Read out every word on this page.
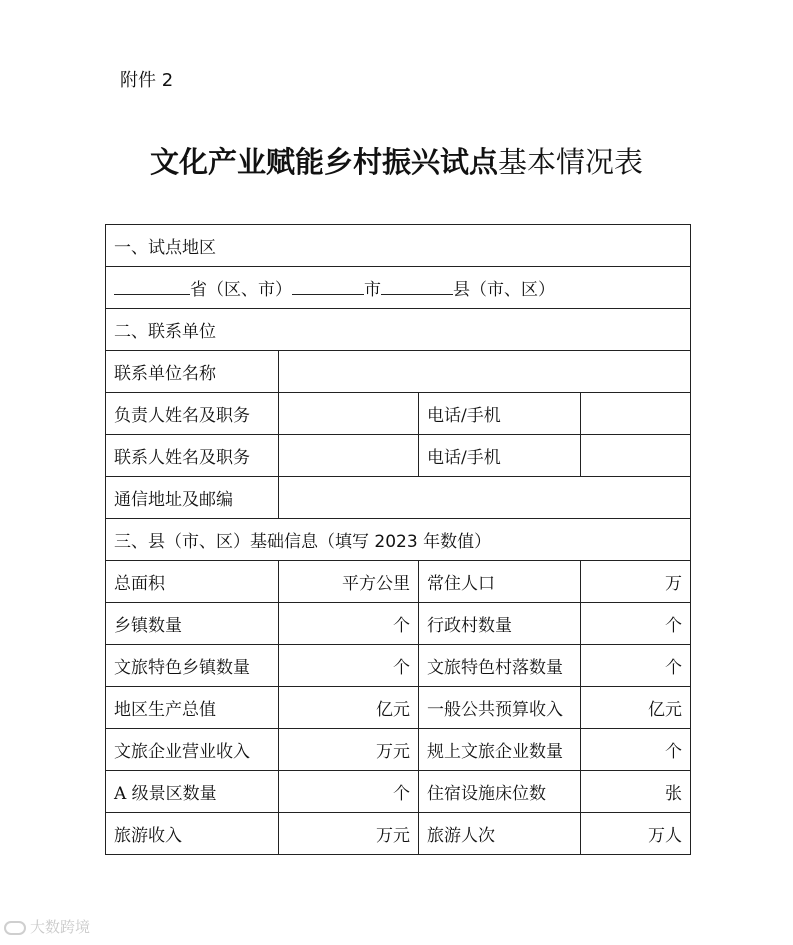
附件 2
文化产业赋能乡村振兴试点基本情况表
一、试点地区			
省（区、市） 市 县（市、区）			
二、联系单位			
联系单位名称			
负责人姓名及职务		电话/手机	
联系人姓名及职务		电话/手机	
通信地址及邮编			
三、县（市、区）基础信息（填写 2023 年数值）			
总面积	平方公里	常住人口	万
乡镇数量	个	行政村数量	个
文旅特色乡镇数量	个	文旅特色村落数量	个
地区生产总值	亿元	一般公共预算收入	亿元
文旅企业营业收入	万元	规上文旅企业数量	个
A 级景区数量	个	住宿设施床位数	张
旅游收入	万元	旅游人次	万人
大数跨境
